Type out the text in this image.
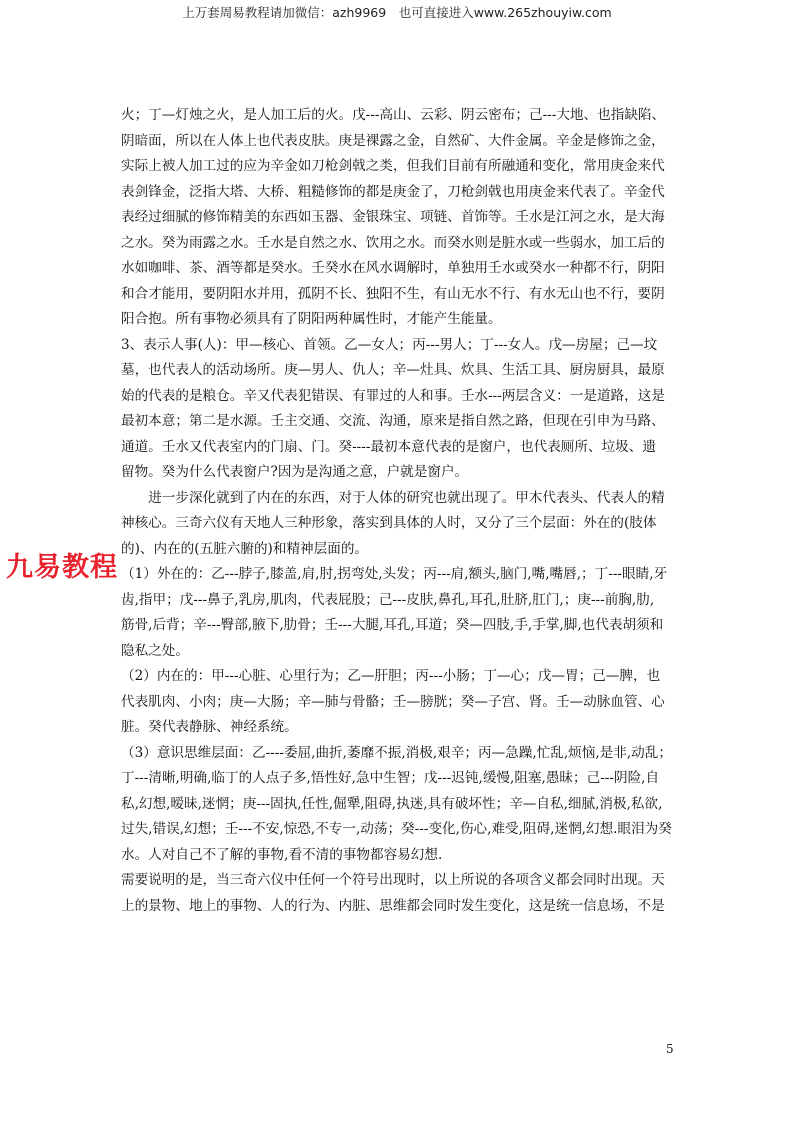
上万套周易教程请加微信：azh9969　也可直接进入www.265zhouyiw.com
火；丁—灯烛之火，是人加工后的火。戊---高山、云彩、阴云密布；己---大地、也指缺陷、
阴暗面，所以在人体上也代表皮肤。庚是裸露之金，自然矿、大件金属。辛金是修饰之金，
实际上被人加工过的应为辛金如刀枪剑戟之类，但我们目前有所融通和变化，常用庚金来代
表剑锋金，泛指大塔、大桥、粗糙修饰的都是庚金了，刀枪剑戟也用庚金来代表了。辛金代
表经过细腻的修饰精美的东西如玉器、金银珠宝、项链、首饰等。壬水是江河之水，是大海
之水。癸为雨露之水。壬水是自然之水、饮用之水。而癸水则是脏水或一些弱水，加工后的
水如咖啡、茶、酒等都是癸水。壬癸水在风水调解时，单独用壬水或癸水一种都不行，阴阳
和合才能用，要阴阳水并用，孤阴不长、独阳不生，有山无水不行、有水无山也不行，要阴
阳合抱。所有事物必须具有了阴阳两种属性时，才能产生能量。
3、表示人事(人)：甲—核心、首领。乙—女人；丙---男人；丁---女人。戊—房屋；己—坟
墓，也代表人的活动场所。庚—男人、仇人；辛—灶具、炊具、生活工具、厨房厨具，最原
始的代表的是粮仓。辛又代表犯错误、有罪过的人和事。壬水---两层含义：一是道路，这是
最初本意；第二是水源。壬主交通、交流、沟通，原来是指自然之路，但现在引申为马路、
通道。壬水又代表室内的门扇、门。癸----最初本意代表的是窗户，也代表厕所、垃圾、遗
留物。癸为什么代表窗户?因为是沟通之意，户就是窗户。
　　进一步深化就到了内在的东西，对于人体的研究也就出现了。甲木代表头、代表人的精
神核心。三奇六仪有天地人三种形象，落实到具体的人时，又分了三个层面：外在的(肢体
的)、内在的(五脏六腑的)和精神层面的。
（1）外在的：乙---脖子,膝盖,肩,肘,拐弯处,头发；丙---肩,额头,脑门,嘴,嘴唇,；丁---眼睛,牙
齿,指甲；戊---鼻子,乳房,肌肉，代表屁股；己---皮肤,鼻孔,耳孔,肚脐,肛门,；庚---前胸,肋,
筋骨,后背；辛---臀部,腋下,肋骨；壬---大腿,耳孔,耳道；癸—四肢,手,手掌,脚,也代表胡须和
隐私之处。
（2）内在的：甲---心脏、心里行为；乙—肝胆；丙---小肠；丁—心；戊—胃；己—脾，也
代表肌肉、小肉；庚—大肠；辛—肺与骨骼；壬—膀胱；癸—子宫、肾。壬—动脉血管、心
脏。癸代表静脉、神经系统。
（3）意识思维层面：乙----委屈,曲折,萎靡不振,消极,艰辛；丙—急躁,忙乱,烦恼,是非,动乱；
丁---清晰,明确,临丁的人点子多,悟性好,急中生智；戊---迟钝,缓慢,阻塞,愚昧；己---阴险,自
私,幻想,暧昧,迷惘；庚---固执,任性,倔犟,阻碍,执迷,具有破坏性；辛—自私,细腻,消极,私欲,
过失,错误,幻想；壬---不安,惊恐,不专一,动荡；癸---变化,伤心,难受,阻碍,迷惘,幻想.眼泪为癸
水。人对自己不了解的事物,看不清的事物都容易幻想.
需要说明的是，当三奇六仪中任何一个符号出现时，以上所说的各项含义都会同时出现。天
上的景物、地上的事物、人的行为、内脏、思维都会同时发生变化，这是统一信息场，不是
九易教程
5
